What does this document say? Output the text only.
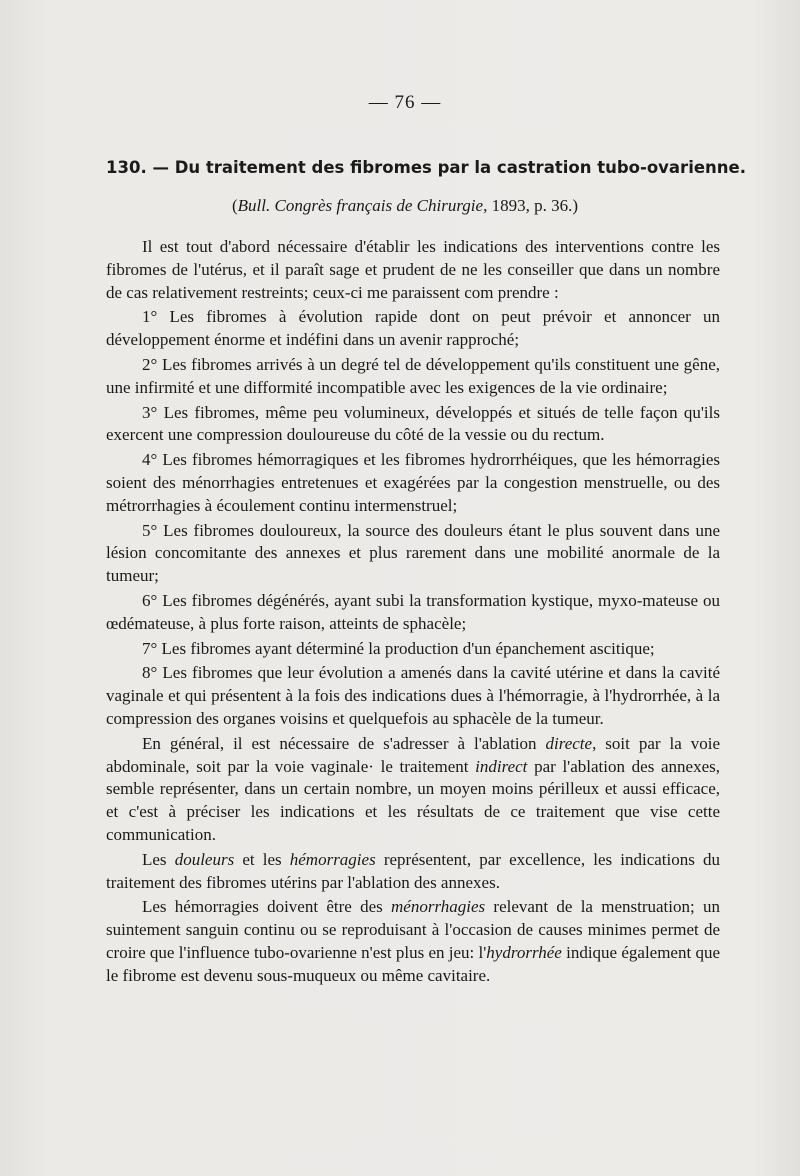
— 76 —
130. — Du traitement des fibromes par la castration tubo-ovarienne.
(Bull. Congrès français de Chirurgie, 1893, p. 36.)

Il est tout d'abord nécessaire d'établir les indications des interventions contre les fibromes de l'utérus, et il paraît sage et prudent de ne les conseiller que dans un nombre de cas relativement restreints; ceux-ci me paraissent com prendre :

1° Les fibromes à évolution rapide dont on peut prévoir et annoncer un développement énorme et indéfini dans un avenir rapproché;

2° Les fibromes arrivés à un degré tel de développement qu'ils constituent une gêne, une infirmité et une difformité incompatible avec les exigences de la vie ordinaire;

3° Les fibromes, même peu volumineux, développés et situés de telle façon qu'ils exercent une compression douloureuse du côté de la vessie ou du rectum.

4° Les fibromes hémorragiques et les fibromes hydrorrhéiques, que les hémorragies soient des ménorrhagies entretenues et exagérées par la congestion menstruelle, ou des métrorrhagies à écoulement continu intermenstruel;

5° Les fibromes douloureux, la source des douleurs étant le plus souvent dans une lésion concomitante des annexes et plus rarement dans une mobilité anormale de la tumeur;

6° Les fibromes dégénérés, ayant subi la transformation kystique, myxo-mateuse ou œdémateuse, à plus forte raison, atteints de sphacèle;

7° Les fibromes ayant déterminé la production d'un épanchement ascitique;

8° Les fibromes que leur évolution a amenés dans la cavité utérine et dans la cavité vaginale et qui présentent à la fois des indications dues à l'hémorragie, à l'hydrorrhée, à la compression des organes voisins et quelquefois au sphacèle de la tumeur.

En général, il est nécessaire de s'adresser à l'ablation directe, soit par la voie abdominale, soit par la voie vaginale· le traitement indirect par l'ablation des annexes, semble représenter, dans un certain nombre, un moyen moins périlleux et aussi efficace, et c'est à préciser les indications et les résultats de ce traitement que vise cette communication.

Les douleurs et les hémorragies représentent, par excellence, les indications du traitement des fibromes utérins par l'ablation des annexes.

Les hémorragies doivent être des ménorrhagies relevant de la menstruation; un suintement sanguin continu ou se reproduisant à l'occasion de causes minimes permet de croire que l'influence tubo-ovarienne n'est plus en jeu: l'hydrorrhée indique également que le fibrome est devenu sous-muqueux ou même cavitaire.
